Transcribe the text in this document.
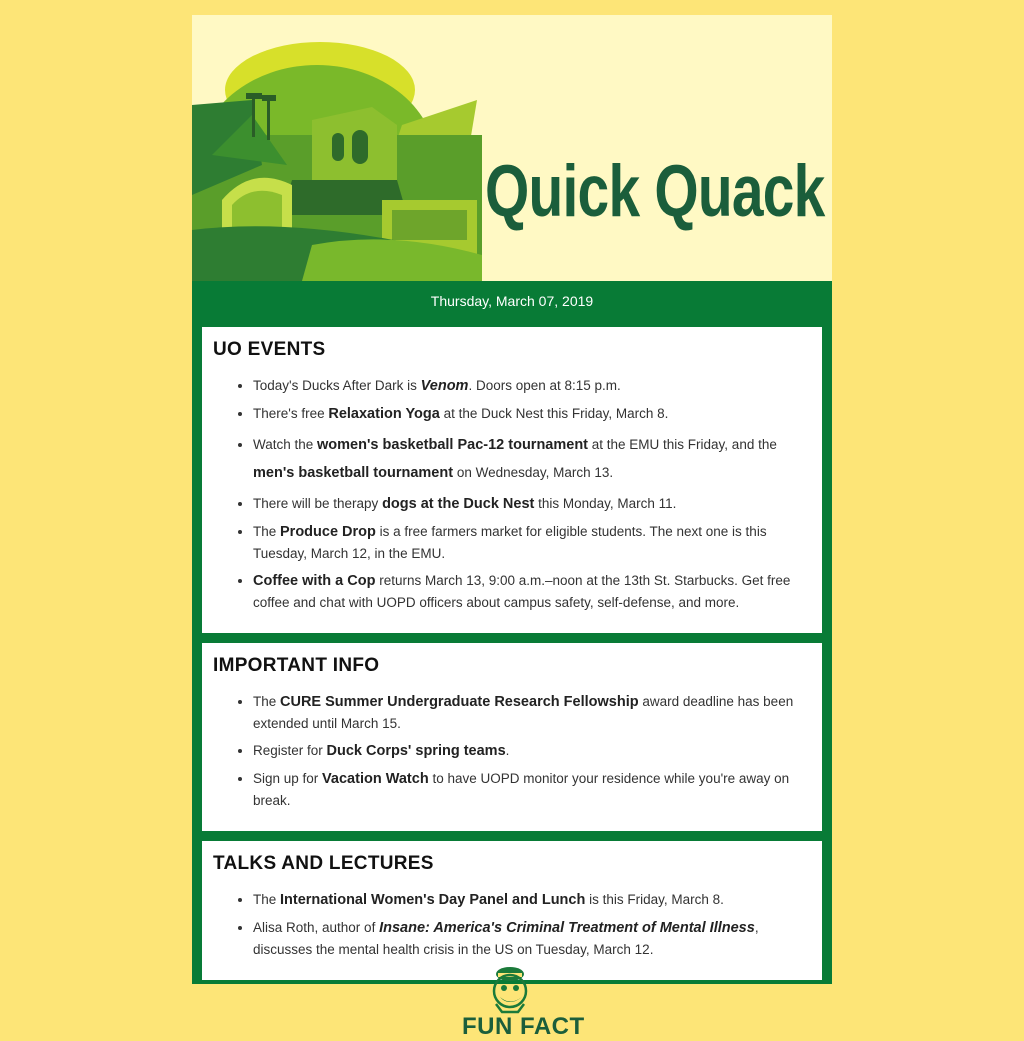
Quick Quack
Thursday, March 07, 2019
UO EVENTS
• Today's Ducks After Dark is Venom. Doors open at 8:15 p.m.
• There's free Relaxation Yoga at the Duck Nest this Friday, March 8.
• Watch the women's basketball Pac-12 tournament at the EMU this Friday, and the men's basketball tournament on Wednesday, March 13.
• There will be therapy dogs at the Duck Nest this Monday, March 11.
• The Produce Drop is a free farmers market for eligible students. The next one is this Tuesday, March 12, in the EMU.
• Coffee with a Cop returns March 13, 9:00 a.m.–noon at the 13th St. Starbucks. Get free coffee and chat with UOPD officers about campus safety, self-defense, and more.
IMPORTANT INFO
• The CURE Summer Undergraduate Research Fellowship award deadline has been extended until March 15.
• Register for Duck Corps' spring teams.
• Sign up for Vacation Watch to have UOPD monitor your residence while you're away on break.
TALKS AND LECTURES
• The International Women's Day Panel and Lunch is this Friday, March 8.
• Alisa Roth, author of Insane: America's Criminal Treatment of Mental Illness, discusses the mental health crisis in the US on Tuesday, March 12.
FUN FACT
